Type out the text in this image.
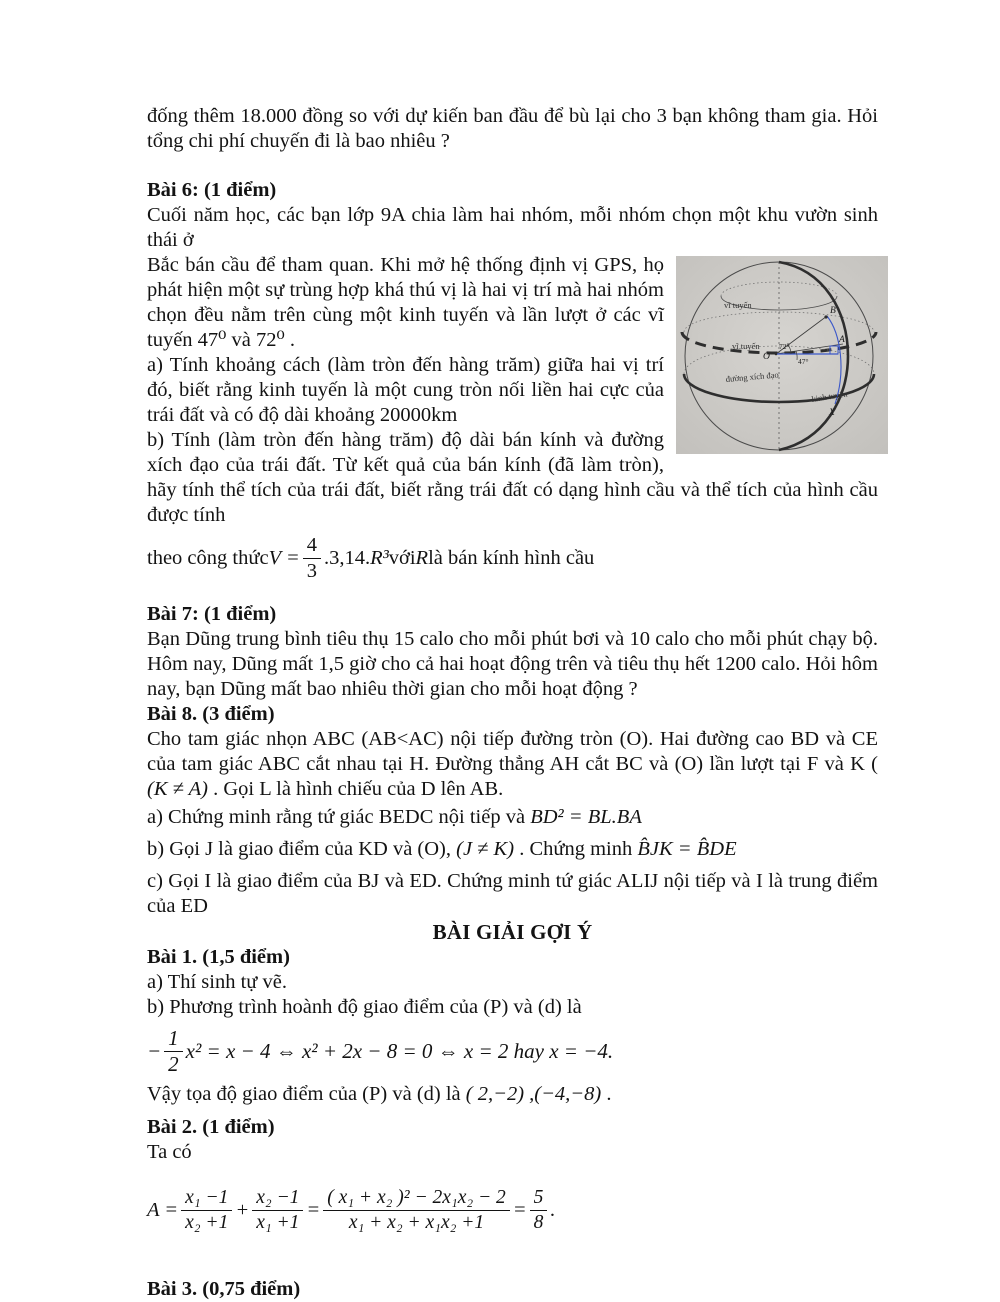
đống thêm 18.000 đồng so với dự kiến ban đầu để bù lại cho 3 bạn không tham gia. Hỏi tổng chi phí chuyến đi là bao nhiêu ?

Bài 6: (1 điểm)

Cuối năm học, các bạn lớp 9A chia làm hai nhóm, mỗi nhóm chọn một khu vườn sinh thái ở

vĩ tuyến
vĩ tuyến
đường xích đạo
kinh tuyến
O
A
B
X
72⁰
47°

Bắc bán cầu để tham quan. Khi mở hệ thống định vị GPS, họ phát hiện một sự trùng hợp khá thú vị là hai vị trí mà hai nhóm chọn đều nằm trên cùng một kinh tuyến và lần lượt ở các vĩ tuyến 47⁰ và 72⁰ .

a) Tính khoảng cách (làm tròn đến hàng trăm) giữa hai vị trí đó, biết rằng kinh tuyến là một cung tròn nối liền hai cực của trái đất và có độ dài khoảng 20000km

b) Tính (làm tròn đến hàng trăm) độ dài bán kính và đường xích đạo của trái đất. Từ kết quả của bán kính (đã làm tròn), hãy tính thể tích của trái đất, biết rằng trái đất có dạng hình cầu và thể tích của hình cầu được tính

theo công thức $V = \frac{4}{3} .3,14$. R³ với R là bán kính hình cầu
Bài 7: (1 điểm)

Bạn Dũng trung bình tiêu thụ 15 calo cho mỗi phút bơi và 10 calo cho mỗi phút chạy bộ. Hôm nay, Dũng mất 1,5 giờ cho cả hai hoạt động trên và tiêu thụ hết 1200 calo. Hỏi hôm nay, bạn Dũng mất bao nhiêu thời gian cho mỗi hoạt động ?

Bài 8. (3 điểm)

Cho tam giác nhọn ABC (AB<AC) nội tiếp đường tròn (O). Hai đường cao BD và CE của tam giác ABC cắt nhau tại H. Đường thẳng AH cắt BC và (O) lần lượt tại F và K ( (K ≠ A) . Gọi L là hình chiếu của D lên AB.

a) Chứng minh rằng tứ giác BEDC nội tiếp và BD² = BL.BA

b) Gọi J là giao điểm của KD và (O), (J ≠ K) . Chứng minh B̂JK = B̂DE

c) Gọi I là giao điểm của BJ và ED. Chứng minh tứ giác ALIJ nội tiếp và I là trung điểm của ED

BÀI GIẢI GỢI Ý
Bài 1. (1,5 điểm)

a) Thí sinh tự vẽ.

b) Phương trình hoành độ giao điểm của (P) và (d) là

− $\frac{1}{2} x^2 = x - 4$ ⇔ x² + 2x − 8 = 0 ⇔ x = 2 hay x = −4.

Vậy tọa độ giao điểm của (P) và (d) là ( 2,−2) ,(−4,−8) .

Bài 2. (1 điểm)

Ta có

$A = \frac{\text{x₁ −1}}{\text{x₂ +1}} + \frac{\text{x₂ −1}}{\text{x₁ +1}} = \frac{\text{( x₁ + x₂ )² − 2x₁x₂ − 2}}{\text{x₁ + x₂ + x₁x₂ +1}} = \frac{5}{8}$ .
Bài 3. (0,75 điểm)
